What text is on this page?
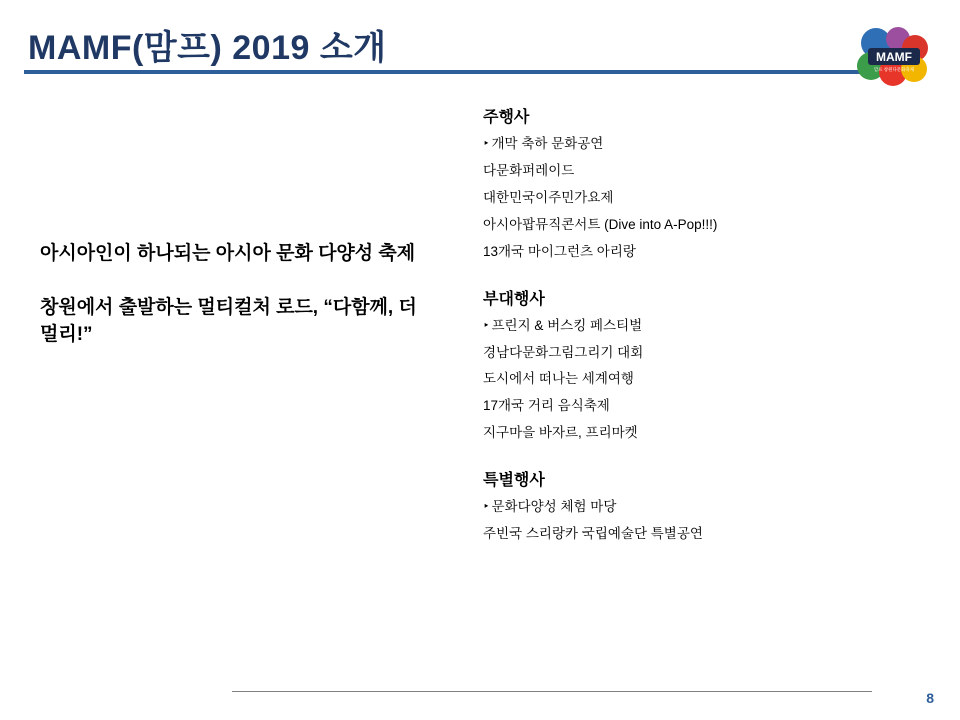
MAMF(맘프) 2019 소개	MAMF
맘프 창원다문화축제

아시아인이 하나되는 아시아 문화 다양성 축제

창원에서 출발하는 멀티컬처 로드, “다함께, 더멀리!”

주행사
‣ 개막 축하 문화공연
다문화퍼레이드
대한민국이주민가요제
아시아팝뮤직콘서트 (Dive into A-Pop!!!)
13개국 마이그런츠 아리랑
부대행사
‣ 프린지 & 버스킹 페스티벌
경남다문화그림그리기 대회
도시에서 떠나는 세계여행
17개국 거리 음식축제
지구마을 바자르, 프리마켓
특별행사
‣ 문화다양성 체험 마당
주빈국 스리랑카 국립예술단 특별공연
8
